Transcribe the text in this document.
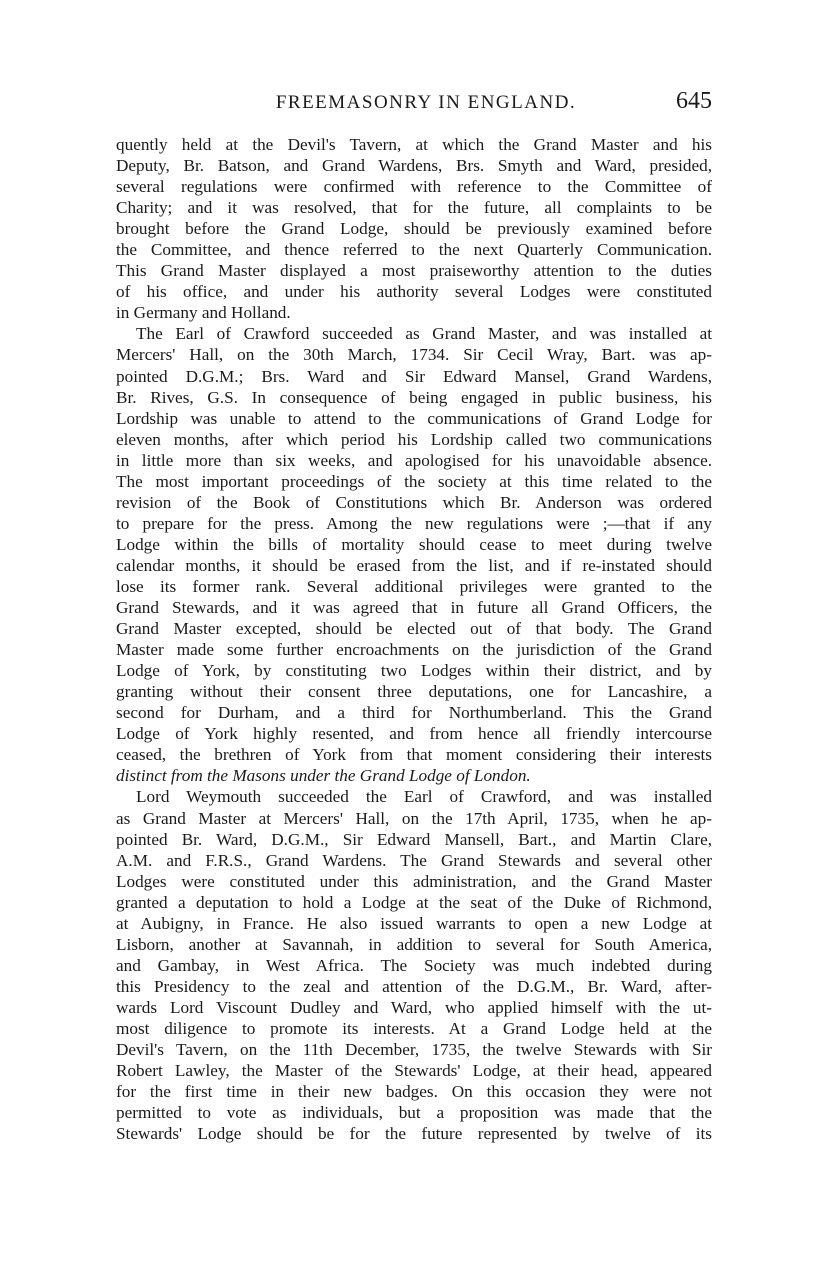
FREEMASONRY IN ENGLAND.	645
quently held at the Devil's Tavern, at which the Grand Master and his
Deputy, Br. Batson, and Grand Wardens, Brs. Smyth and Ward, presided,
several regulations were confirmed with reference to the Committee of
Charity; and it was resolved, that for the future, all complaints to be
brought before the Grand Lodge, should be previously examined before
the Committee, and thence referred to the next Quarterly Communication.
This Grand Master displayed a most praiseworthy attention to the duties
of his office, and under his authority several Lodges were constituted
in Germany and Holland.
The Earl of Crawford succeeded as Grand Master, and was installed at
Mercers' Hall, on the 30th March, 1734. Sir Cecil Wray, Bart. was ap-
pointed D.G.M.; Brs. Ward and Sir Edward Mansel, Grand Wardens,
Br. Rives, G.S. In consequence of being engaged in public business, his
Lordship was unable to attend to the communications of Grand Lodge for
eleven months, after which period his Lordship called two communications
in little more than six weeks, and apologised for his unavoidable absence.
The most important proceedings of the society at this time related to the
revision of the Book of Constitutions which Br. Anderson was ordered
to prepare for the press. Among the new regulations were ;—that if any
Lodge within the bills of mortality should cease to meet during twelve
calendar months, it should be erased from the list, and if re-instated should
lose its former rank. Several additional privileges were granted to the
Grand Stewards, and it was agreed that in future all Grand Officers, the
Grand Master excepted, should be elected out of that body. The Grand
Master made some further encroachments on the jurisdiction of the Grand
Lodge of York, by constituting two Lodges within their district, and by
granting without their consent three deputations, one for Lancashire, a
second for Durham, and a third for Northumberland. This the Grand
Lodge of York highly resented, and from hence all friendly intercourse
ceased, the brethren of York from that moment considering their interests
distinct from the Masons under the Grand Lodge of London.
Lord Weymouth succeeded the Earl of Crawford, and was installed
as Grand Master at Mercers' Hall, on the 17th April, 1735, when he ap-
pointed Br. Ward, D.G.M., Sir Edward Mansell, Bart., and Martin Clare,
A.M. and F.R.S., Grand Wardens. The Grand Stewards and several other
Lodges were constituted under this administration, and the Grand Master
granted a deputation to hold a Lodge at the seat of the Duke of Richmond,
at Aubigny, in France. He also issued warrants to open a new Lodge at
Lisborn, another at Savannah, in addition to several for South America,
and Gambay, in West Africa. The Society was much indebted during
this Presidency to the zeal and attention of the D.G.M., Br. Ward, after-
wards Lord Viscount Dudley and Ward, who applied himself with the ut-
most diligence to promote its interests. At a Grand Lodge held at the
Devil's Tavern, on the 11th December, 1735, the twelve Stewards with Sir
Robert Lawley, the Master of the Stewards' Lodge, at their head, appeared
for the first time in their new badges. On this occasion they were not
permitted to vote as individuals, but a proposition was made that the
Stewards' Lodge should be for the future represented by twelve of its
